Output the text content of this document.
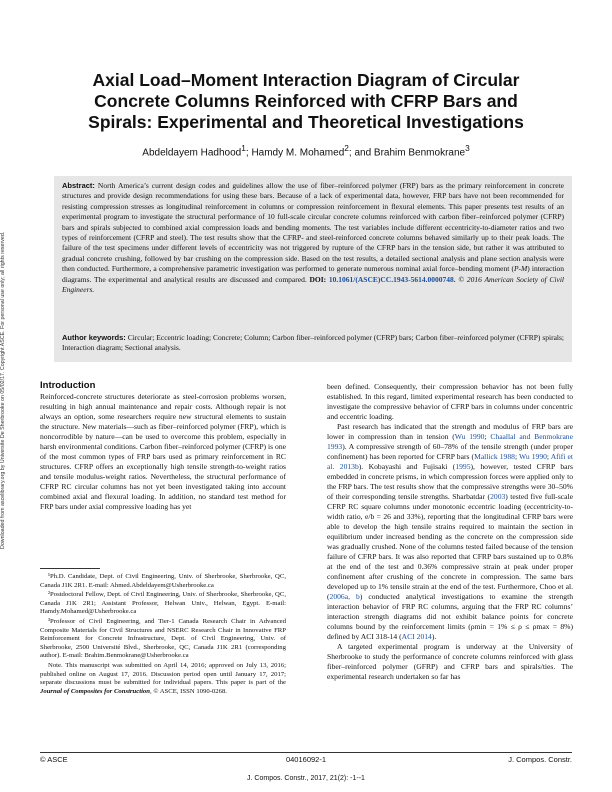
Downloaded from ascelibrary.org by Universite De Sherbrooke on 05/02/17. Copyright ASCE. For personal use only; all rights reserved.
Axial Load–Moment Interaction Diagram of Circular
Concrete Columns Reinforced with CFRP Bars and
Spirals: Experimental and Theoretical Investigations
Abdeldayem Hadhood$^1$; Hamdy M. Mohamed$^2$; and Brahim Benmokrane$^3$

Abstract: North America’s current design codes and guidelines allow the use of fiber–reinforced polymer (FRP) bars as the primary reinforcement in concrete structures and provide design recommendations for using these bars. Because of a lack of experimental data, however, FRP bars have not been recommended for resisting compression stresses as longitudinal reinforcement in columns or compression reinforcement in flexural elements. This paper presents test results of an experimental program to investigate the structural performance of 10 full-scale circular concrete columns reinforced with carbon fiber–reinforced polymer (CFRP) bars and spirals subjected to combined axial compression loads and bending moments. The test variables include different eccentricity-to-diameter ratios and two types of reinforcement (CFRP and steel). The test results show that the CFRP- and steel-reinforced concrete columns behaved similarly up to their peak loads. The failure of the test specimens under different levels of eccentricity was not triggered by rupture of the CFRP bars in the tension side, but rather it was attributed to gradual concrete crushing, followed by bar crushing on the compression side. Based on the test results, a detailed sectional analysis and plane section analysis were then conducted. Furthermore, a comprehensive parametric investigation was performed to generate numerous nominal axial force–bending moment (P-M) interaction diagrams. The experimental and analytical results are discussed and compared. DOI: 10.1061/(ASCE)CC.1943-5614.0000748. © 2016 American Society of Civil Engineers.

Author keywords: Circular; Eccentric loading; Concrete; Column; Carbon fiber–reinforced polymer (CFRP) bars; Carbon fiber–reinforced polymer (CFRP) spirals; Interaction diagram; Sectional analysis.

Introduction

Reinforced-concrete structures deteriorate as steel-corrosion problems worsen, resulting in high annual maintenance and repair costs. Although repair is not always an option, some researchers require new structural elements to sustain the structure. New materials—such as fiber–reinforced polymer (FRP), which is noncorrodible by nature—can be used to overcome this problem, especially in harsh environmental conditions. Carbon fiber–reinforced polymer (CFRP) is one of the most common types of FRP bars used as primary reinforcement in RC structures. CFRP offers an exceptionally high tensile strength-to-weight ratios and tensile modulus-weight ratios. Nevertheless, the structural performance of CFRP RC circular columns has not yet been investigated taking into account combined axial and flexural loading. In addition, no standard test method for FRP bars under axial compressive loading has yet

¹Ph.D. Candidate, Dept. of Civil Engineering, Univ. of Sherbrooke, Sherbrooke, QC, Canada J1K 2R1. E-mail: Ahmed.Abdeldayem@Usherbrooke.ca

²Postdoctoral Fellow, Dept. of Civil Engineering, Univ. of Sherbrooke, Sherbrooke, QC, Canada J1K 2R1; Assistant Professor, Helwan Univ., Helwan, Egypt. E-mail: Hamdy.Mohamed@Usherbrooke.ca

³Professor of Civil Engineering, and Tier-1 Canada Research Chair in Advanced Composite Materials for Civil Structures and NSERC Research Chair in Innovative FRP Reinforcement for Concrete Infrastructure, Dept. of Civil Engineering, Univ. of Sherbrooke, 2500 Université Blvd., Sherbrooke, QC, Canada J1K 2R1 (corresponding author). E-mail: Brahim.Benmokrane@Usherbrooke.ca

Note. This manuscript was submitted on April 14, 2016; approved on July 13, 2016; published online on August 17, 2016. Discussion period open until January 17, 2017; separate discussions must be submitted for individual papers. This paper is part of the Journal of Composites for Construction, © ASCE, ISSN 1090-0268.

been defined. Consequently, their compression behavior has not been fully established. In this regard, limited experimental research has been conducted to investigate the compressive behavior of CFRP bars in columns under concentric and eccentric loading.

Past research has indicated that the strength and modulus of FRP bars are lower in compression than in tension (Wu 1990; Chaallal and Benmokrane 1993). A compressive strength of 60–78% of the tensile strength (under proper confinement) has been reported for CFRP bars (Mallick 1988; Wu 1990; Afifi et al. 2013b). Kobayashi and Fujisaki (1995), however, tested CFRP bars embedded in concrete prisms, in which compression forces were applied only to the FRP bars. The test results show that the compressive strengths were 30–50% of their corresponding tensile strengths. Sharbatdar (2003) tested five full-scale CFRP RC square columns under monotonic eccentric loading (eccentricity-to-width ratio, e/b = 26 and 33%), reporting that the longitudinal CFRP bars were able to develop the high tensile strains required to maintain the section in equilibrium under increased bending as the concrete on the compression side was gradually crushed. None of the columns tested failed because of the tension failure of CFRP bars. It was also reported that CFRP bars sustained up to 0.8% at the end of the test and 0.36% compressive strain at peak under proper confinement after crushing of the concrete in compression. The same bars developed up to 1% tensile strain at the end of the test. Furthermore, Choo et al. (2006a, b) conducted analytical investigations to examine the strength interaction behavior of FRP RC columns, arguing that the FRP RC columns’ interaction strength diagrams did not exhibit balance points for concrete columns bound by the reinforcement limits (ρmin = 1% ≤ ρ ≤ ρmax = 8%) defined by ACI 318-14 (ACI 2014).

A targeted experimental program is underway at the University of Sherbrooke to study the performance of concrete columns reinforced with glass fiber–reinforced polymer (GFRP) and CFRP bars and spirals/ties. The experimental research undertaken so far has

© ASCE	04016092-1	J. Compos. Constr.
J. Compos. Constr., 2017, 21(2): -1--1
